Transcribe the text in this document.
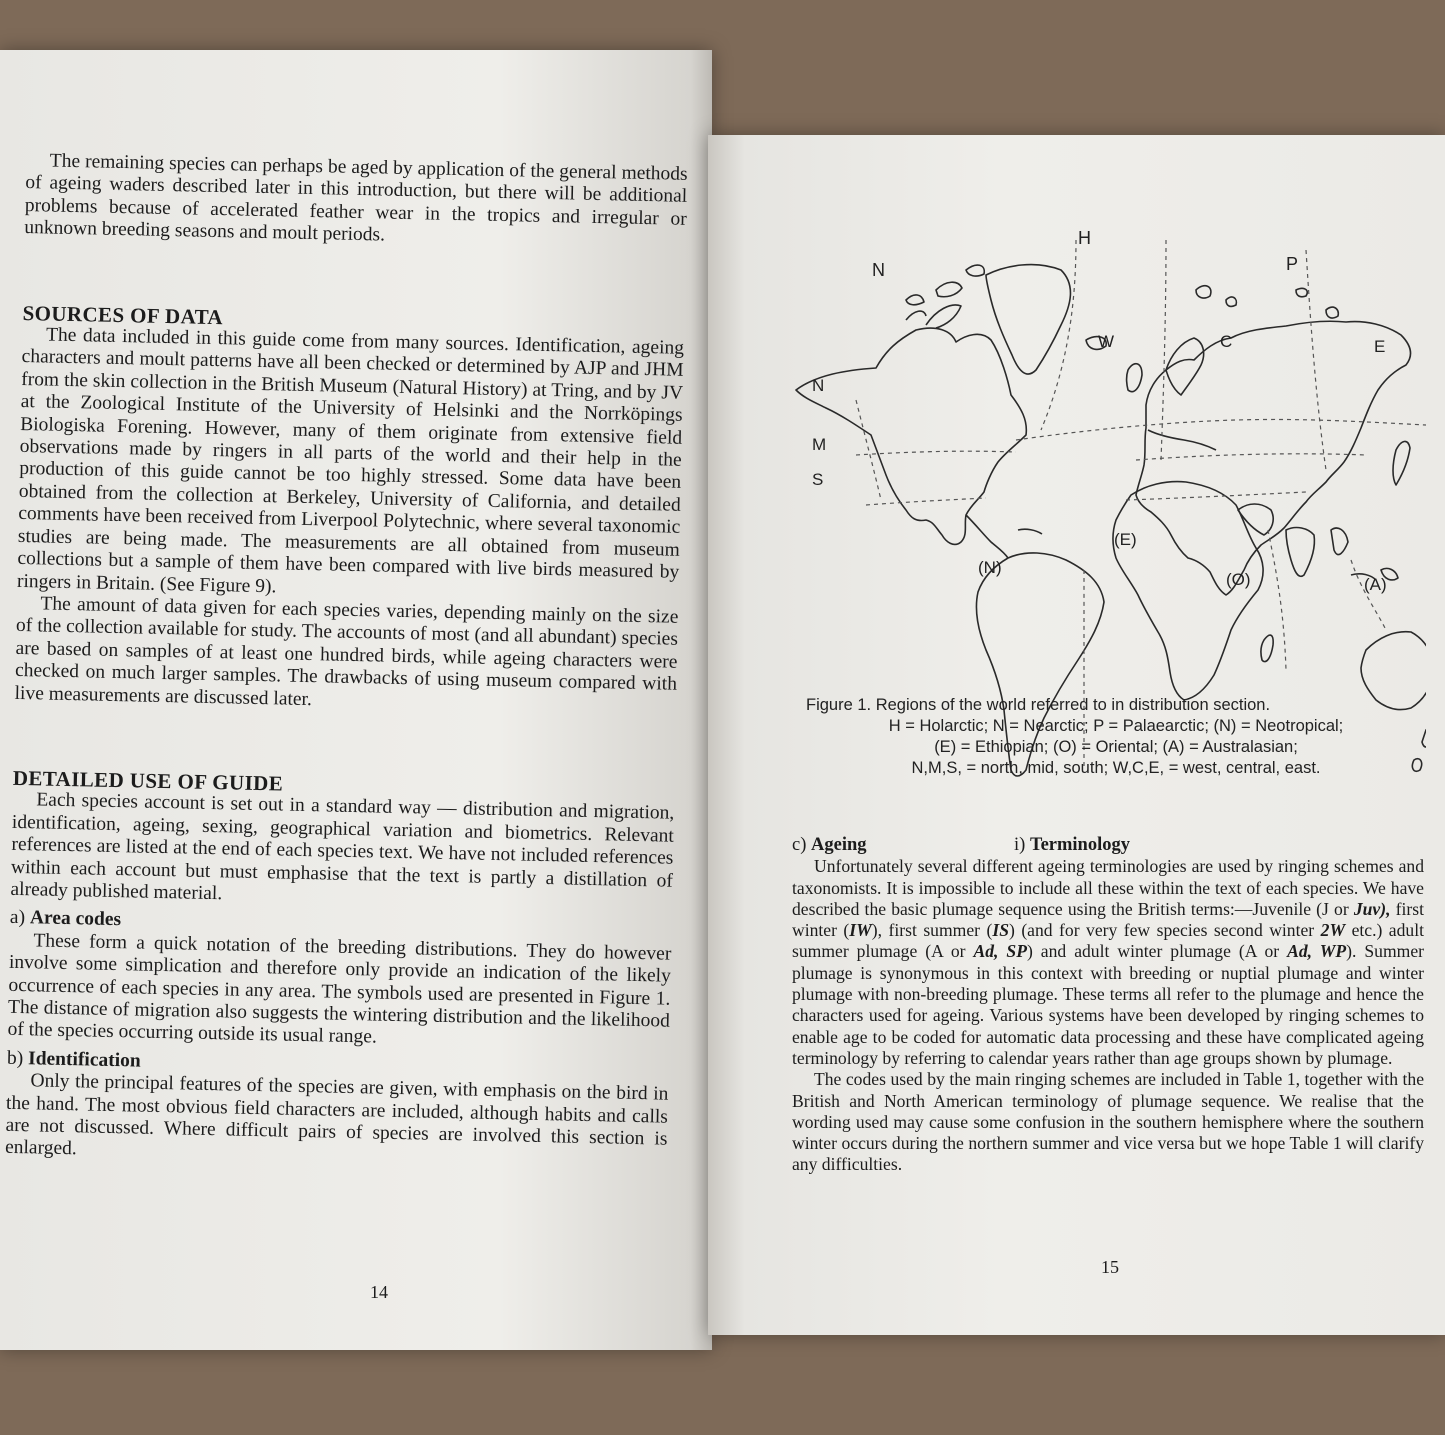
The remaining species can perhaps be aged by application of the general methods of ageing waders described later in this introduction, but there will be additional problems because of accelerated feather wear in the tropics and irregular or unknown breeding seasons and moult periods.

SOURCES OF DATA

The data included in this guide come from many sources. Identification, ageing characters and moult patterns have all been checked or determined by AJP and JHM from the skin collection in the British Museum (Natural History) at Tring, and by JV at the Zoological Institute of the University of Helsinki and the Norrköpings Biologiska Forening. However, many of them originate from extensive field observations made by ringers in all parts of the world and their help in the production of this guide cannot be too highly stressed. Some data have been obtained from the collection at Berkeley, University of California, and detailed comments have been received from Liverpool Polytechnic, where several taxonomic studies are being made. The measurements are all obtained from museum collections but a sample of them have been compared with live birds measured by ringers in Britain. (See Figure 9).

The amount of data given for each species varies, depending mainly on the size of the collection available for study. The accounts of most (and all abundant) species are based on samples of at least one hundred birds, while ageing characters were checked on much larger samples. The drawbacks of using museum compared with live measurements are discussed later.

DETAILED USE OF GUIDE

Each species account is set out in a standard way — distribution and migration, identification, ageing, sexing, geographical variation and biometrics. Relevant references are listed at the end of each species text. We have not included references within each account but must emphasise that the text is partly a distillation of already published material.

a) Area codes

These form a quick notation of the breeding distributions. They do however involve some simplication and therefore only provide an indication of the likely occurrence of each species in any area. The symbols used are presented in Figure 1. The distance of migration also suggests the wintering distribution and the likelihood of the species occurring outside its usual range.

b) Identification

Only the principal features of the species are given, with emphasis on the bird in the hand. The most obvious field characters are included, although habits and calls are not discussed. Where difficult pairs of species are involved this section is enlarged.

14
H
N	P
W	C	E
N
M
S
(N)
(E)
(O)	(A)
Figure 1. Regions of the world referred to in distribution section.
H = Holarctic; N = Nearctic; P = Palaearctic; (N) = Neotropical;
(E) = Ethiopian; (O) = Oriental; (A) = Australasian;
N,M,S, = north, mid, south; W,C,E, = west, central, east.
c) Ageing	i) Terminology

Unfortunately several different ageing terminologies are used by ringing schemes and taxonomists. It is impossible to include all these within the text of each species. We have described the basic plumage sequence using the British terms:—Juvenile (J or Juv), first winter (IW), first summer (IS) (and for very few species second winter 2W etc.) adult summer plumage (A or Ad, SP) and adult winter plumage (A or Ad, WP). Summer plumage is synonymous in this context with breeding or nuptial plumage and winter plumage with non-breeding plumage. These terms all refer to the plumage and hence the characters used for ageing. Various systems have been developed by ringing schemes to enable age to be coded for automatic data processing and these have complicated ageing terminology by referring to calendar years rather than age groups shown by plumage.

The codes used by the main ringing schemes are included in Table 1, together with the British and North American terminology of plumage sequence. We realise that the wording used may cause some confusion in the southern hemisphere where the southern winter occurs during the northern summer and vice versa but we hope Table 1 will clarify any difficulties.

15
